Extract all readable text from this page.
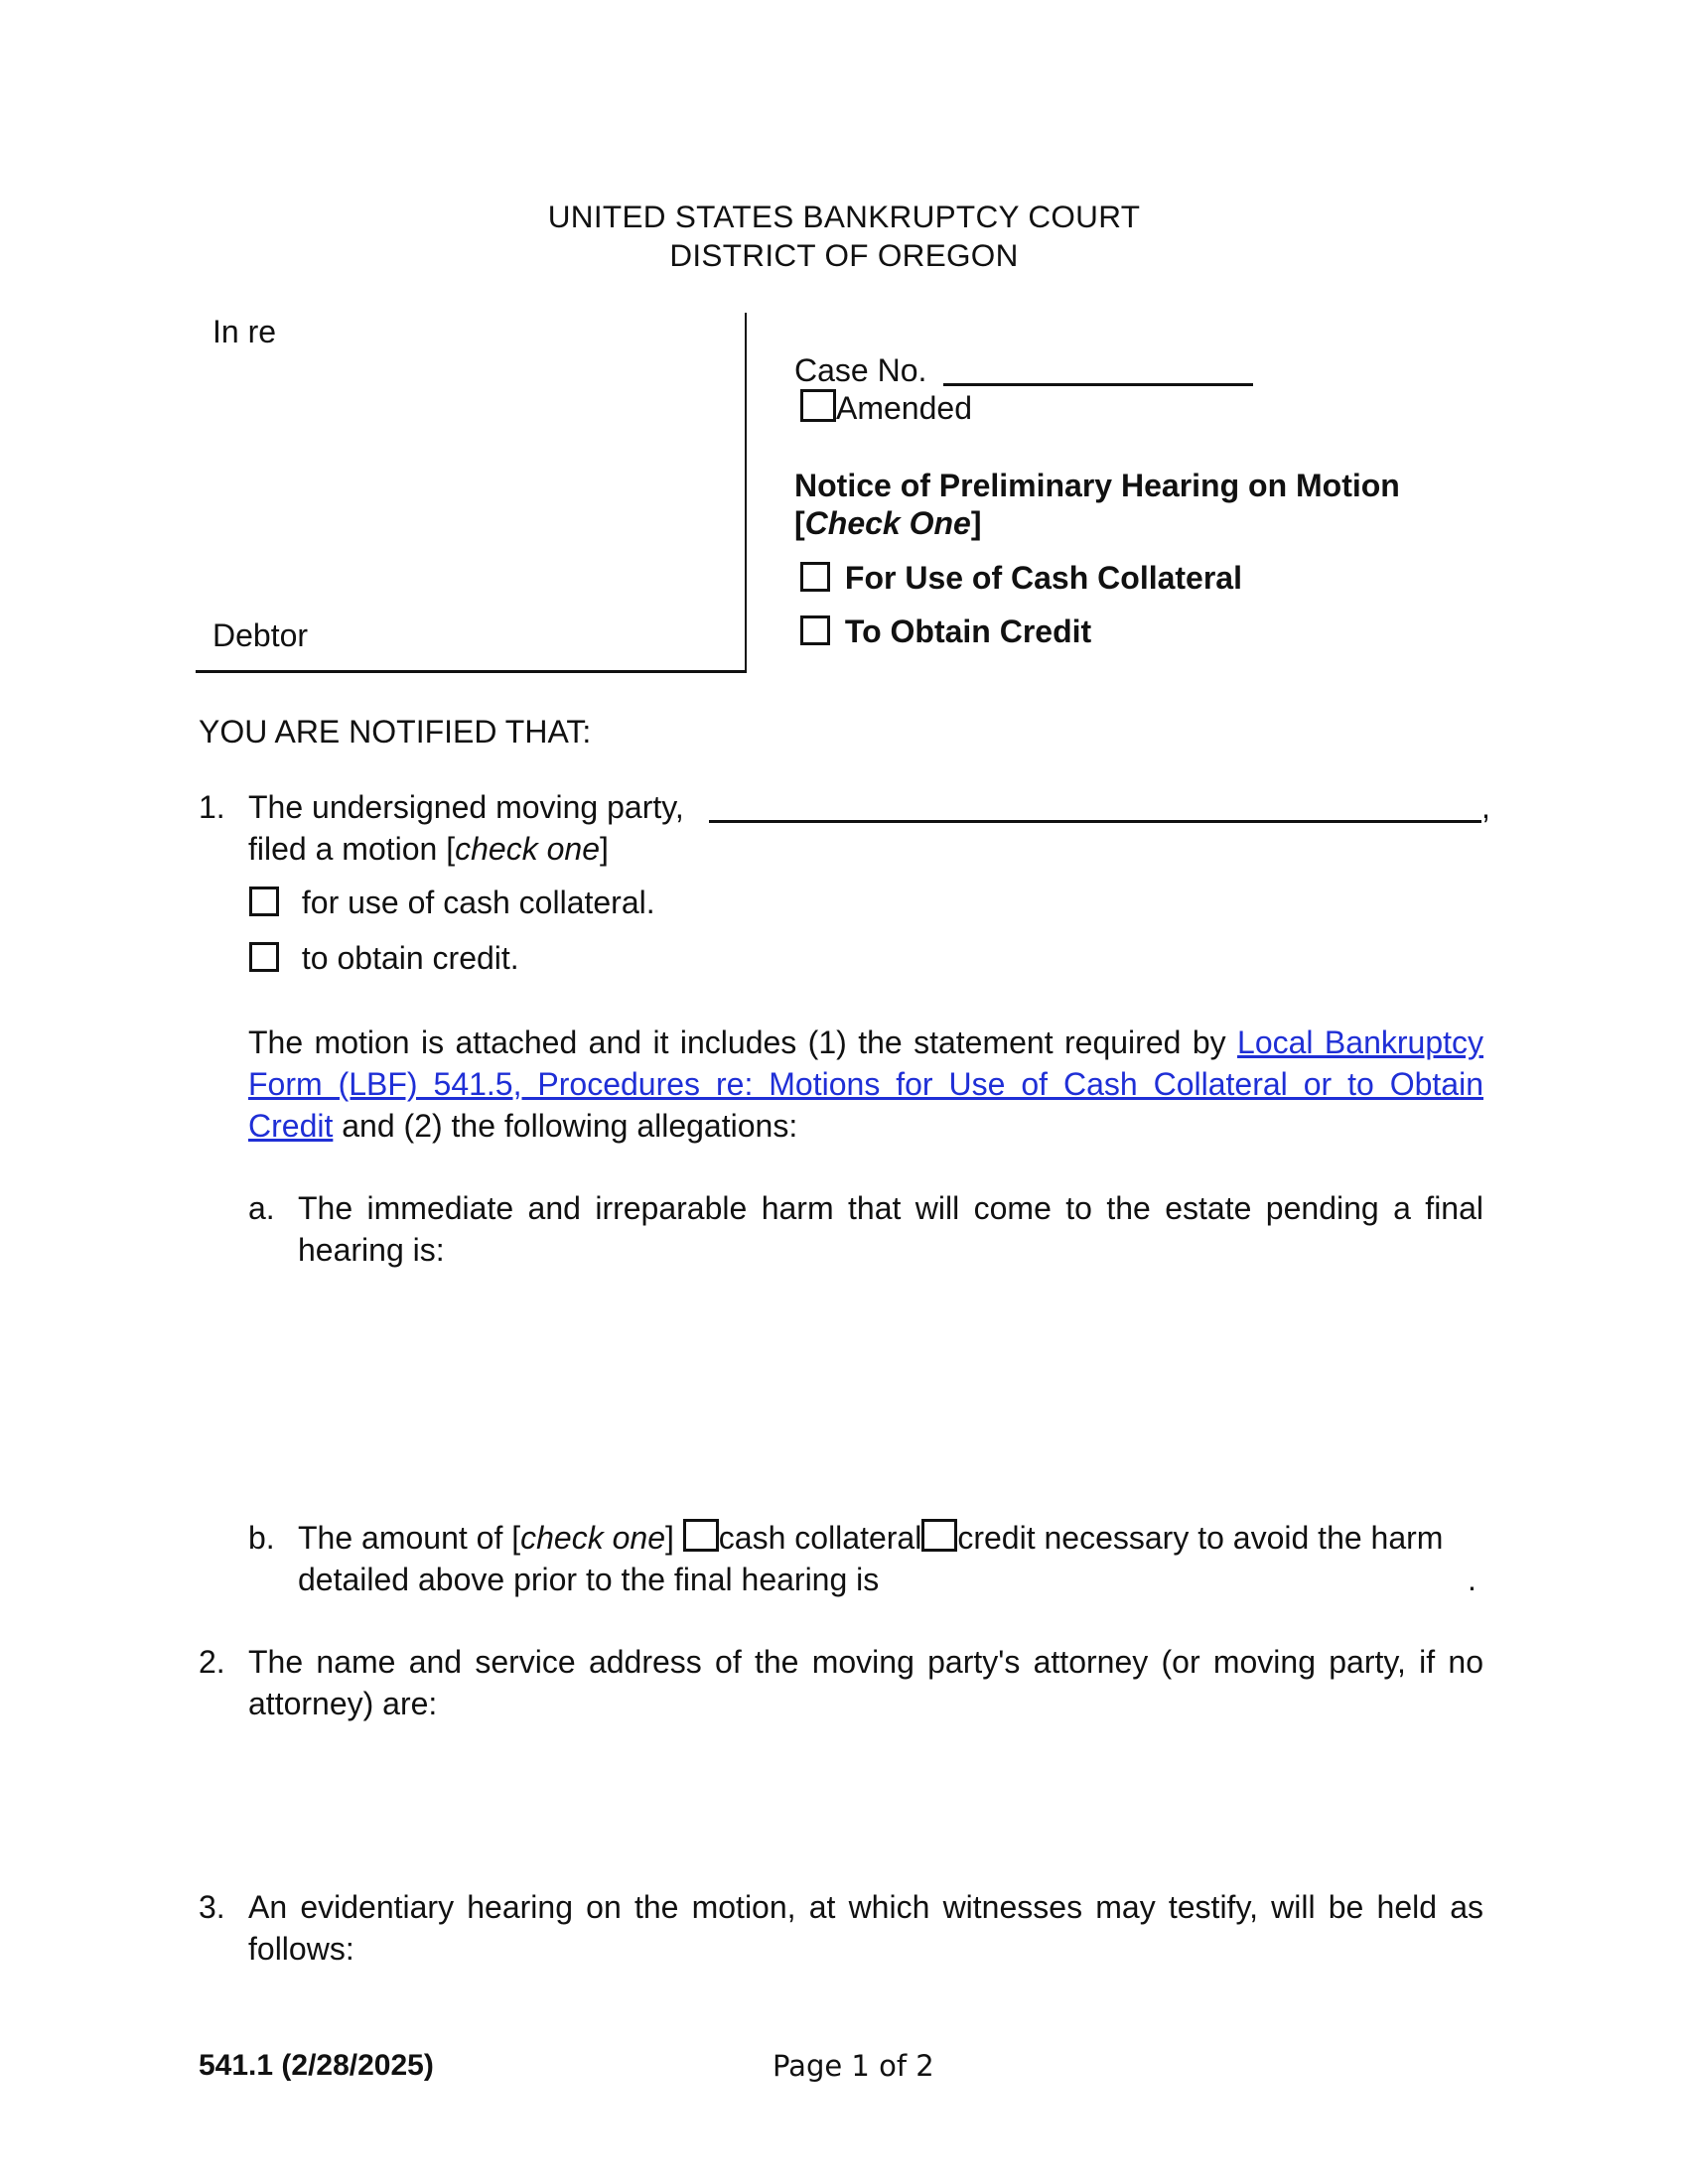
UNITED STATES BANKRUPTCY COURT
DISTRICT OF OREGON
In re
Debtor
Case No.
Amended
Notice of Preliminary Hearing on Motion
[Check One]
For Use of Cash Collateral
To Obtain Credit
YOU ARE NOTIFIED THAT:
1. The undersigned moving party,	,
filed a motion [check one]
for use of cash collateral.
to obtain credit.
The motion is attached and it includes (1) the statement required by Local Bankruptcy Form (LBF) 541.5, Procedures re: Motions for Use of Cash Collateral or to Obtain Credit and (2) the following allegations:
a. The immediate and irreparable harm that will come to the estate pending a final hearing is:
b. The amount of [check one] cash collateral credit necessary to avoid the harm
detailed above prior to the final hearing is	.
2. The name and service address of the moving party's attorney (or moving party, if no attorney) are:
3. An evidentiary hearing on the motion, at which witnesses may testify, will be held as follows:
541.1 (2/28/2025)	Page 1 of 2
